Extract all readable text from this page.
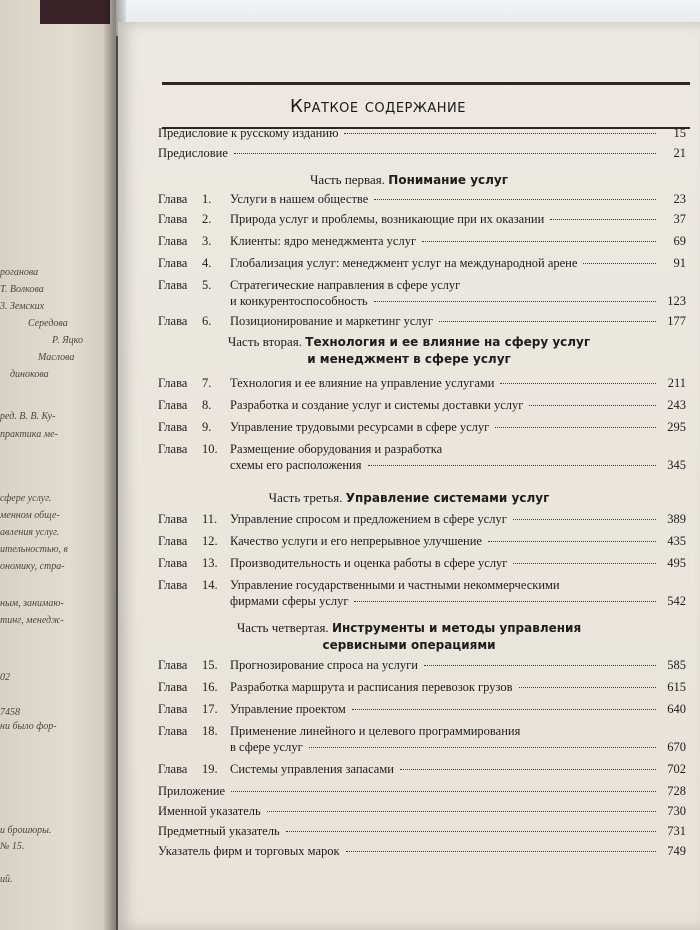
роганова
Т. Волкова
3. Земских
Середова
Р. Яцко
Маслова
динокова
ред. В. В. Ку-
практика ме-
сфере услуг.
менном обще-
авления услуг.
ительностью, в
ономику, стра-
ным, занимаю-
тинг, менедж-
02
7458
ни было фор-
и брошюры.
№ 15.
ий.
Краткое содержание
Предисловие к русскому изданию	15
Предисловие	21
Часть первая. Понимание услуг
Глава	1.	Услуги в нашем обществе	23
Глава	2.	Природа услуг и проблемы, возникающие при их оказании	37
Глава	3.	Клиенты: ядро менеджмента услуг	69
Глава	4.	Глобализация услуг: менеджмент услуг на международной арене	91
Глава	5.	Стратегические направления в сфере услуг
и конкурентоспособность	123
Глава	6.	Позиционирование и маркетинг услуг	177
Часть вторая. Технология и ее влияние на сферу услуг
и менеджмент в сфере услуг
Глава	7.	Технология и ее влияние на управление услугами	211
Глава	8.	Разработка и создание услуг и системы доставки услуг	243
Глава	9.	Управление трудовыми ресурсами в сфере услуг	295
Глава	10. Размещение оборудования и разработка
схемы его расположения	345
Часть третья. Управление системами услуг
Глава	11.	Управление спросом и предложением в сфере услуг	389
Глава	12. Качество услуги и его непрерывное улучшение	435
Глава	13. Производительность и оценка работы в сфере услуг	495
Глава	14. Управление государственными и частными некоммерческими
фирмами сферы услуг	542
Часть четвертая. Инструменты и методы управления
сервисными операциями
Глава	15. Прогнозирование спроса на услуги	585
Глава	16. Разработка маршрута и расписания перевозок грузов	615
Глава	17. Управление проектом	640
Глава	18. Применение линейного и целевого программирования
в сфере услуг	670
Глава	19. Системы управления запасами	702
Приложение	728
Именной указатель	730
Предметный указатель	731
Указатель фирм и торговых марок	749
